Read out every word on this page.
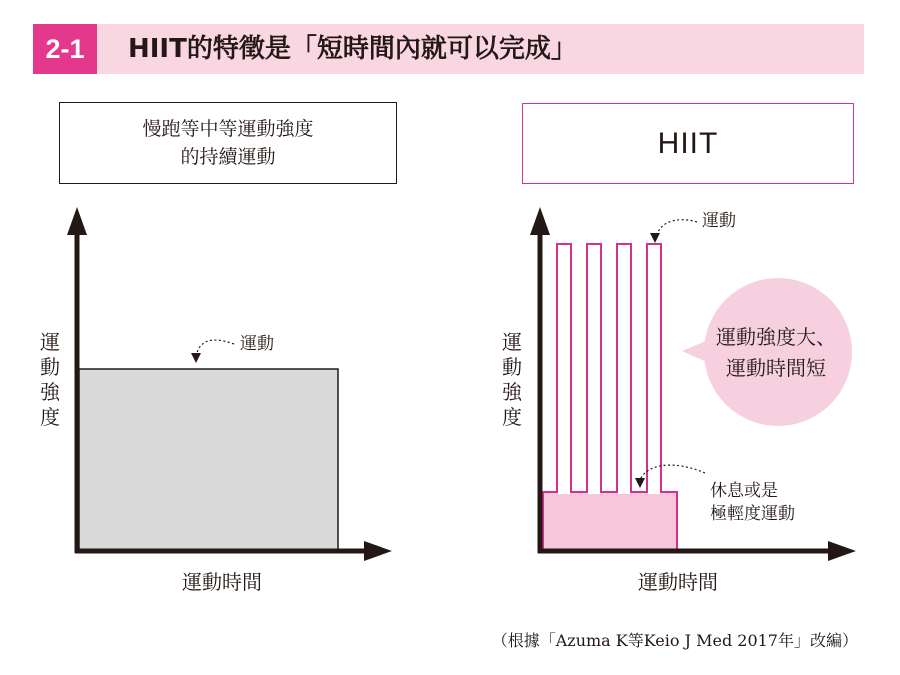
2-1	HIIT的特徵是「短時間內就可以完成」
慢跑等中等運動強度
的持續運動	HIIT
運動強度
運動時間
運動	運動強度
運動時間
運動
休息或是
極輕度運動
運動強度大、
運動時間短
（根據「Azuma K等Keio J Med 2017年」改編）
